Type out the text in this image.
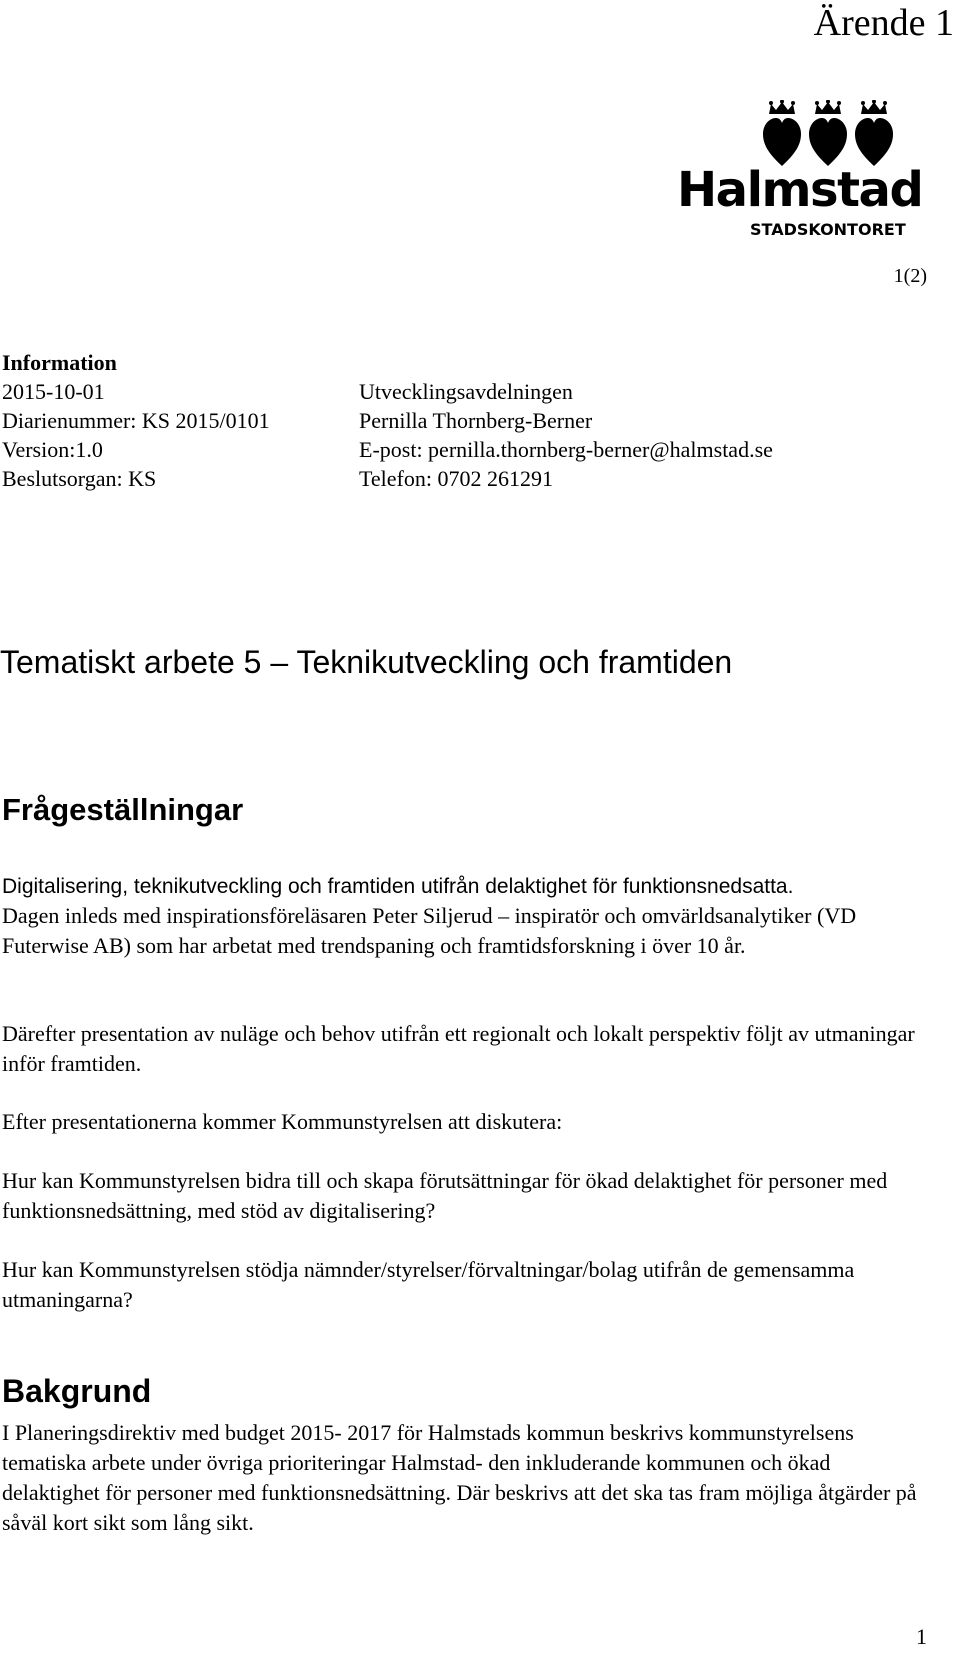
Ärende 1
Halmstad
STADSKONTORET
1(2)
Information
2015-10-01	Utvecklingsavdelningen
Diarienummer: KS 2015/0101	Pernilla Thornberg-Berner
Version:1.0	E-post: pernilla.thornberg-berner@halmstad.se
Beslutsorgan: KS	Telefon: 0702 261291
Tematiskt arbete 5 – Teknikutveckling och framtiden
Frågeställningar
Digitalisering, teknikutveckling och framtiden utifrån delaktighet för funktionsnedsatta.
Dagen inleds med inspirationsföreläsaren Peter Siljerud – inspiratör och omvärldsanalytiker (VD Futerwise AB) som har arbetat med trendspaning och framtidsforskning i över 10 år.
Därefter presentation av nuläge och behov utifrån ett regionalt och lokalt perspektiv följt av utmaningar inför framtiden.
Efter presentationerna kommer Kommunstyrelsen att diskutera:
Hur kan Kommunstyrelsen bidra till och skapa förutsättningar för ökad delaktighet för personer med funktionsnedsättning, med stöd av digitalisering?
Hur kan Kommunstyrelsen stödja nämnder/styrelser/förvaltningar/bolag utifrån de gemensamma utmaningarna?
Bakgrund
I Planeringsdirektiv med budget 2015- 2017 för Halmstads kommun beskrivs kommunstyrelsens tematiska arbete under övriga prioriteringar Halmstad- den inkluderande kommunen och ökad delaktighet för personer med funktionsnedsättning. Där beskrivs att det ska tas fram möjliga åtgärder på såväl kort sikt som lång sikt.
1
